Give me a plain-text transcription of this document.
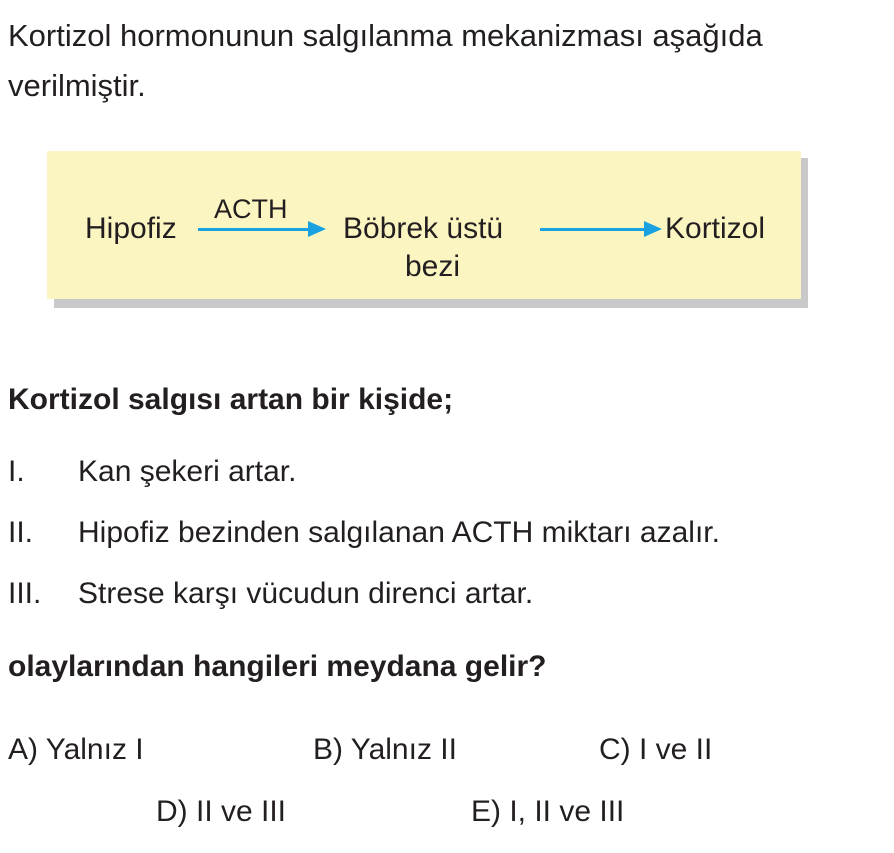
Kortizol hormonunun salgılanma mekanizması aşağıda
verilmiştir.
Hipofiz
ACTH
Böbrek üstü
bezi
Kortizol
Kortizol salgısı artan bir kişide;
I. Kan şekeri artar.
II. Hipofiz bezinden salgılanan ACTH miktarı azalır.
III. Strese karşı vücudun direnci artar.
olaylarından hangileri meydana gelir?
A) Yalnız I	B) Yalnız II	C) I ve II
D) II ve III	E) I, II ve III
